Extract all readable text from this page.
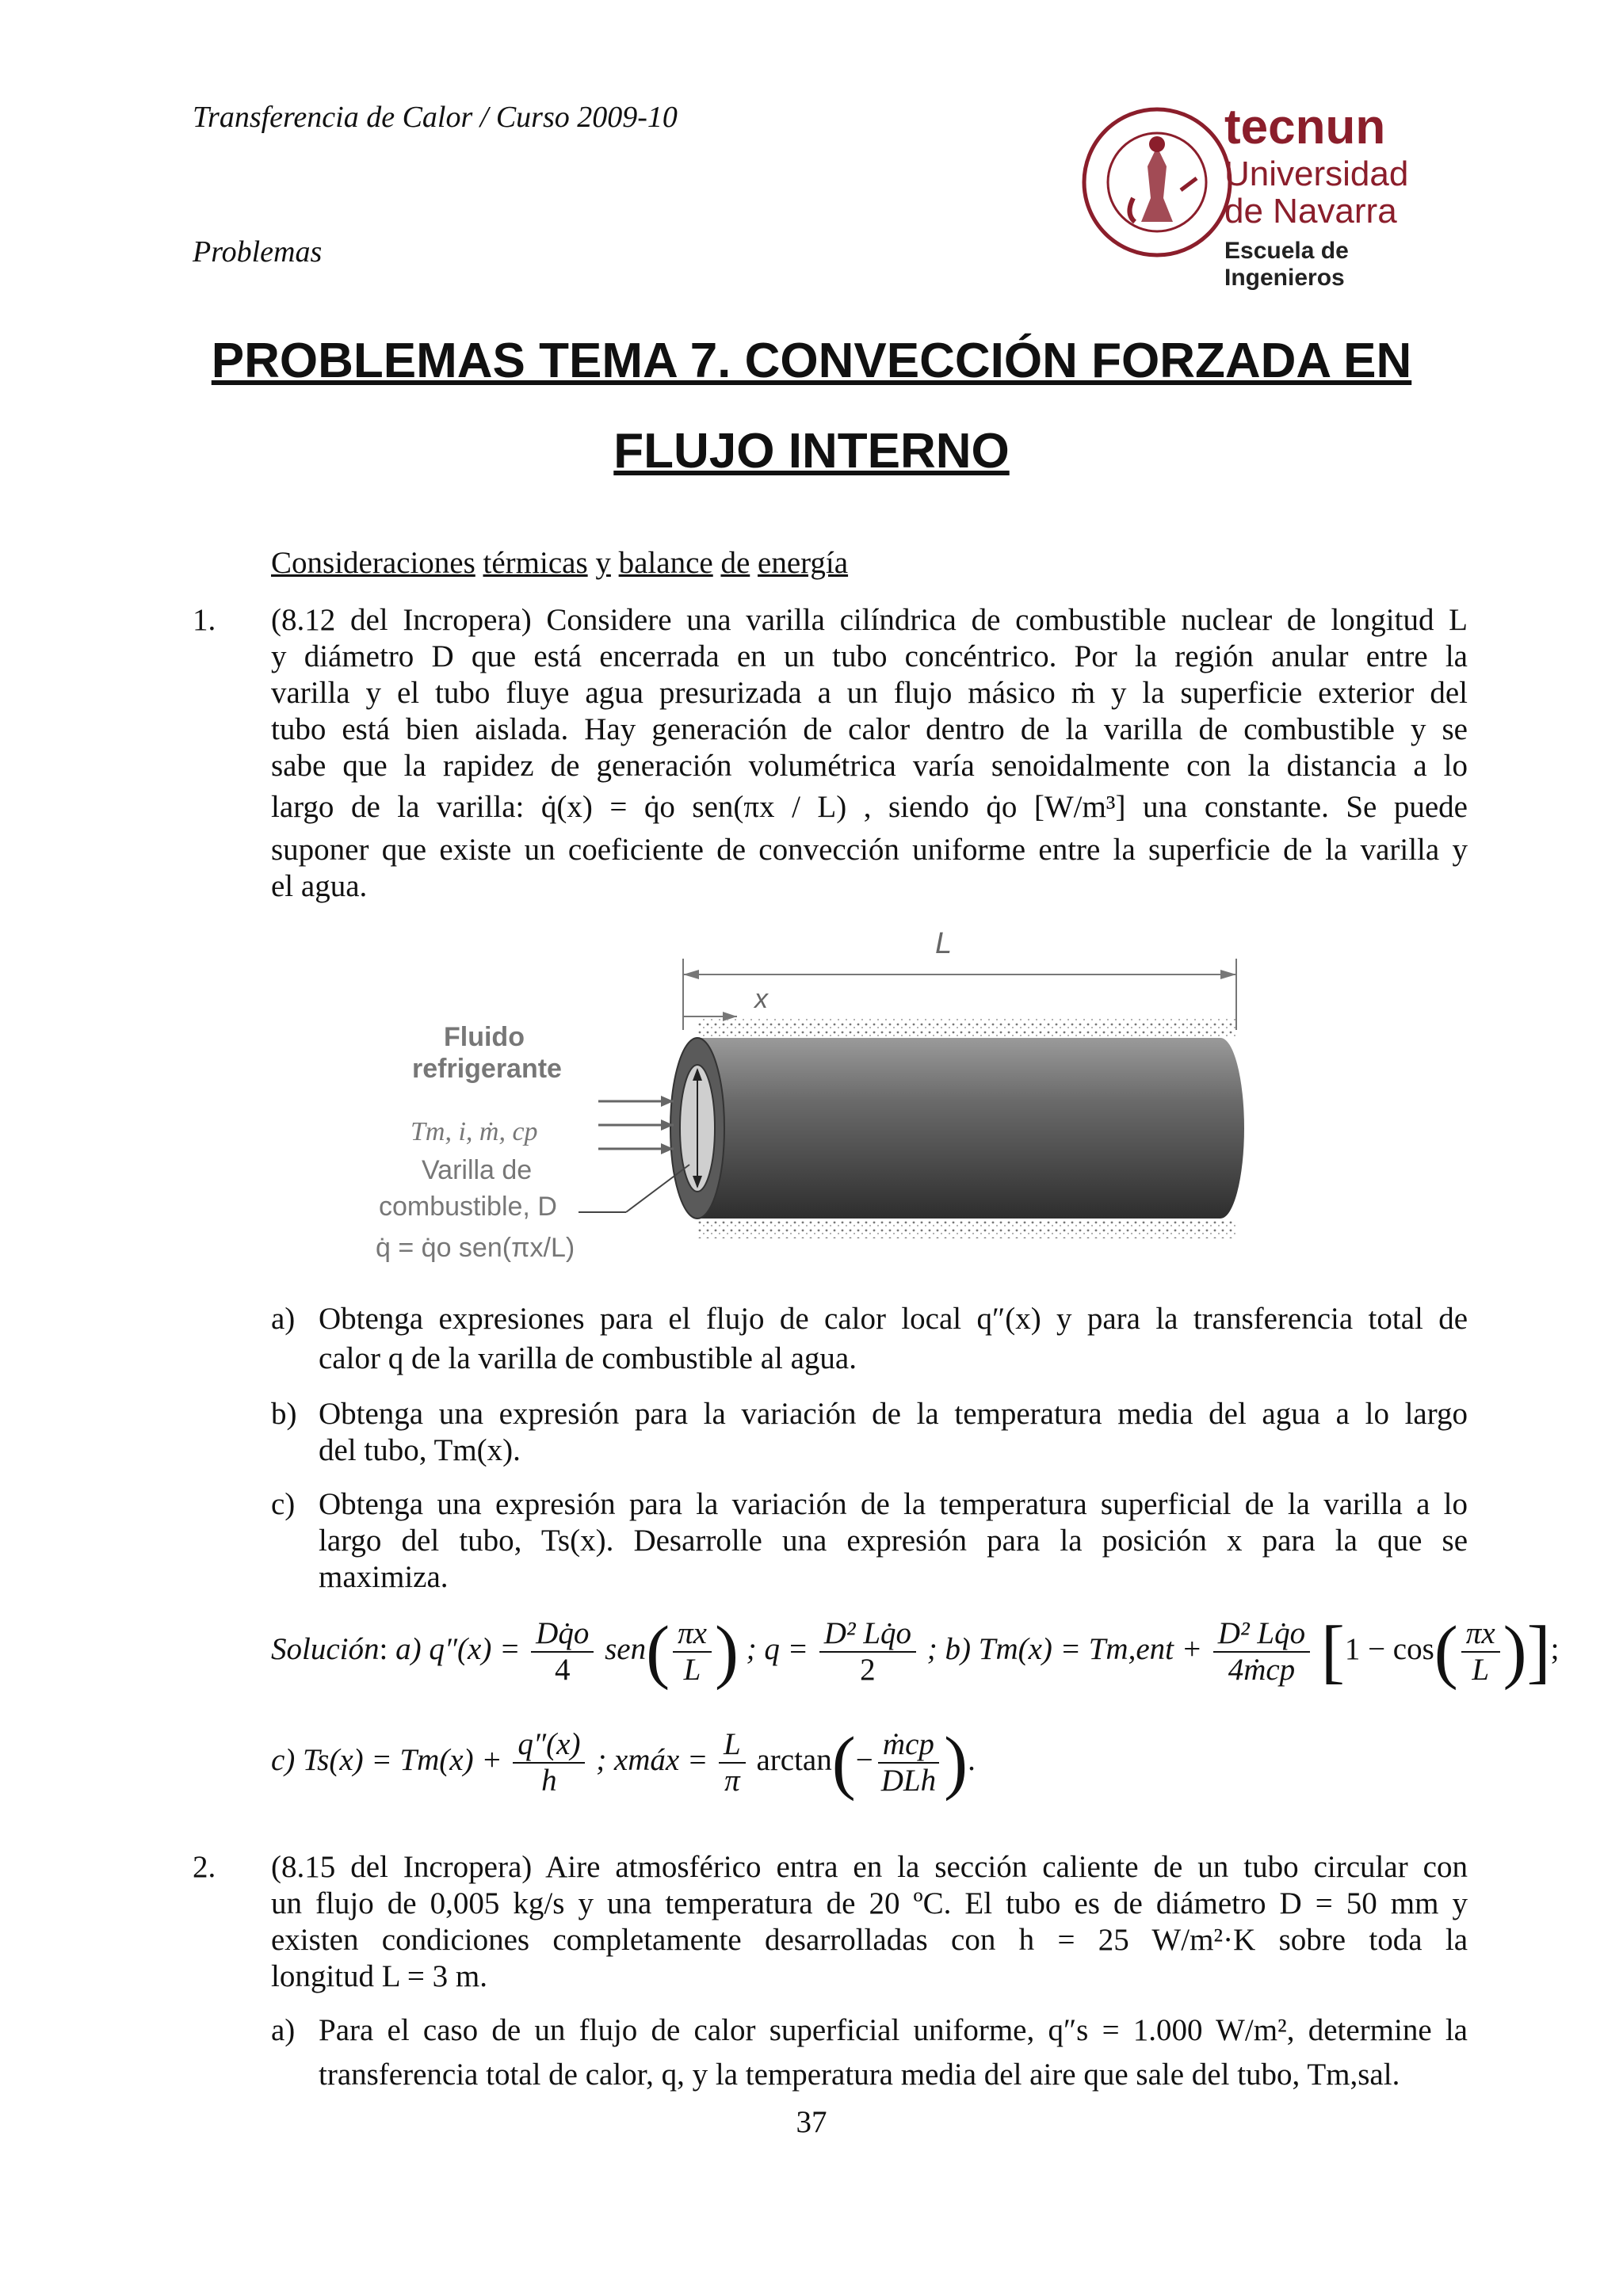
Transferencia de Calor / Curso 2009-10
Problemas
tecnun
Universidad
de Navarra
Escuela de Ingenieros
PROBLEMAS TEMA 7. CONVECCIÓN FORZADA EN
FLUJO INTERNO
Consideraciones térmicas y balance de energía
1. (8.12 del Incropera) Considere una varilla cilíndrica de combustible nuclear de longitud L
y diámetro D que está encerrada en un tubo concéntrico. Por la región anular entre la
varilla y el tubo fluye agua presurizada a un flujo másico ṁ y la superficie exterior del
tubo está bien aislada. Hay generación de calor dentro de la varilla de combustible y se
sabe que la rapidez de generación volumétrica varía senoidalmente con la distancia a lo
largo de la varilla: q̇(x) = q̇o sen(πx / L) , siendo q̇o [W/m³] una constante. Se puede
suponer que existe un coeficiente de convección uniforme entre la superficie de la varilla y
el agua.
L
x
Fluido
refrigerante
Tm, i, ṁ, cp
Varilla de
combustible, D
q̇ = q̇o sen(πx/L)
a) Obtenga expresiones para el flujo de calor local q″(x) y para la transferencia total de
calor q de la varilla de combustible al agua.
b) Obtenga una expresión para la variación de la temperatura media del agua a lo largo
del tubo, Tm(x).
c) Obtenga una expresión para la variación de la temperatura superficial de la varilla a lo
largo del tubo, Ts(x). Desarrolle una expresión para la posición x para la que se
maximiza.
Solución: a) $q''(x) = \frac{Dq̇o}{4} sen( \frac{\pi x}{L}$ ) ; $q = \frac{\text{D² Lq̇o}}{2}$ ; b) $Tm(x) = Tm,ent + \frac{\text{D² Lq̇o}}{\text{4ṁcp}} [1 - \cos( \frac{\pi x}{L}$ )];
c) $Ts(x) = Tm(x) + \frac{q''(x)}{h}$ ; xmáx = $\frac{L}{\pi} \arctan(- \frac{\text{ṁcp}}{\text{DLh}}$ ).
2. (8.15 del Incropera) Aire atmosférico entra en la sección caliente de un tubo circular con
un flujo de 0,005 kg/s y una temperatura de 20 ºC. El tubo es de diámetro D = 50 mm y
existen condiciones completamente desarrolladas con h = 25 W/m²·K sobre toda la
longitud L = 3 m.
a) Para el caso de un flujo de calor superficial uniforme, q″s = 1.000 W/m², determine la
transferencia total de calor, q, y la temperatura media del aire que sale del tubo, Tm,sal.
37
